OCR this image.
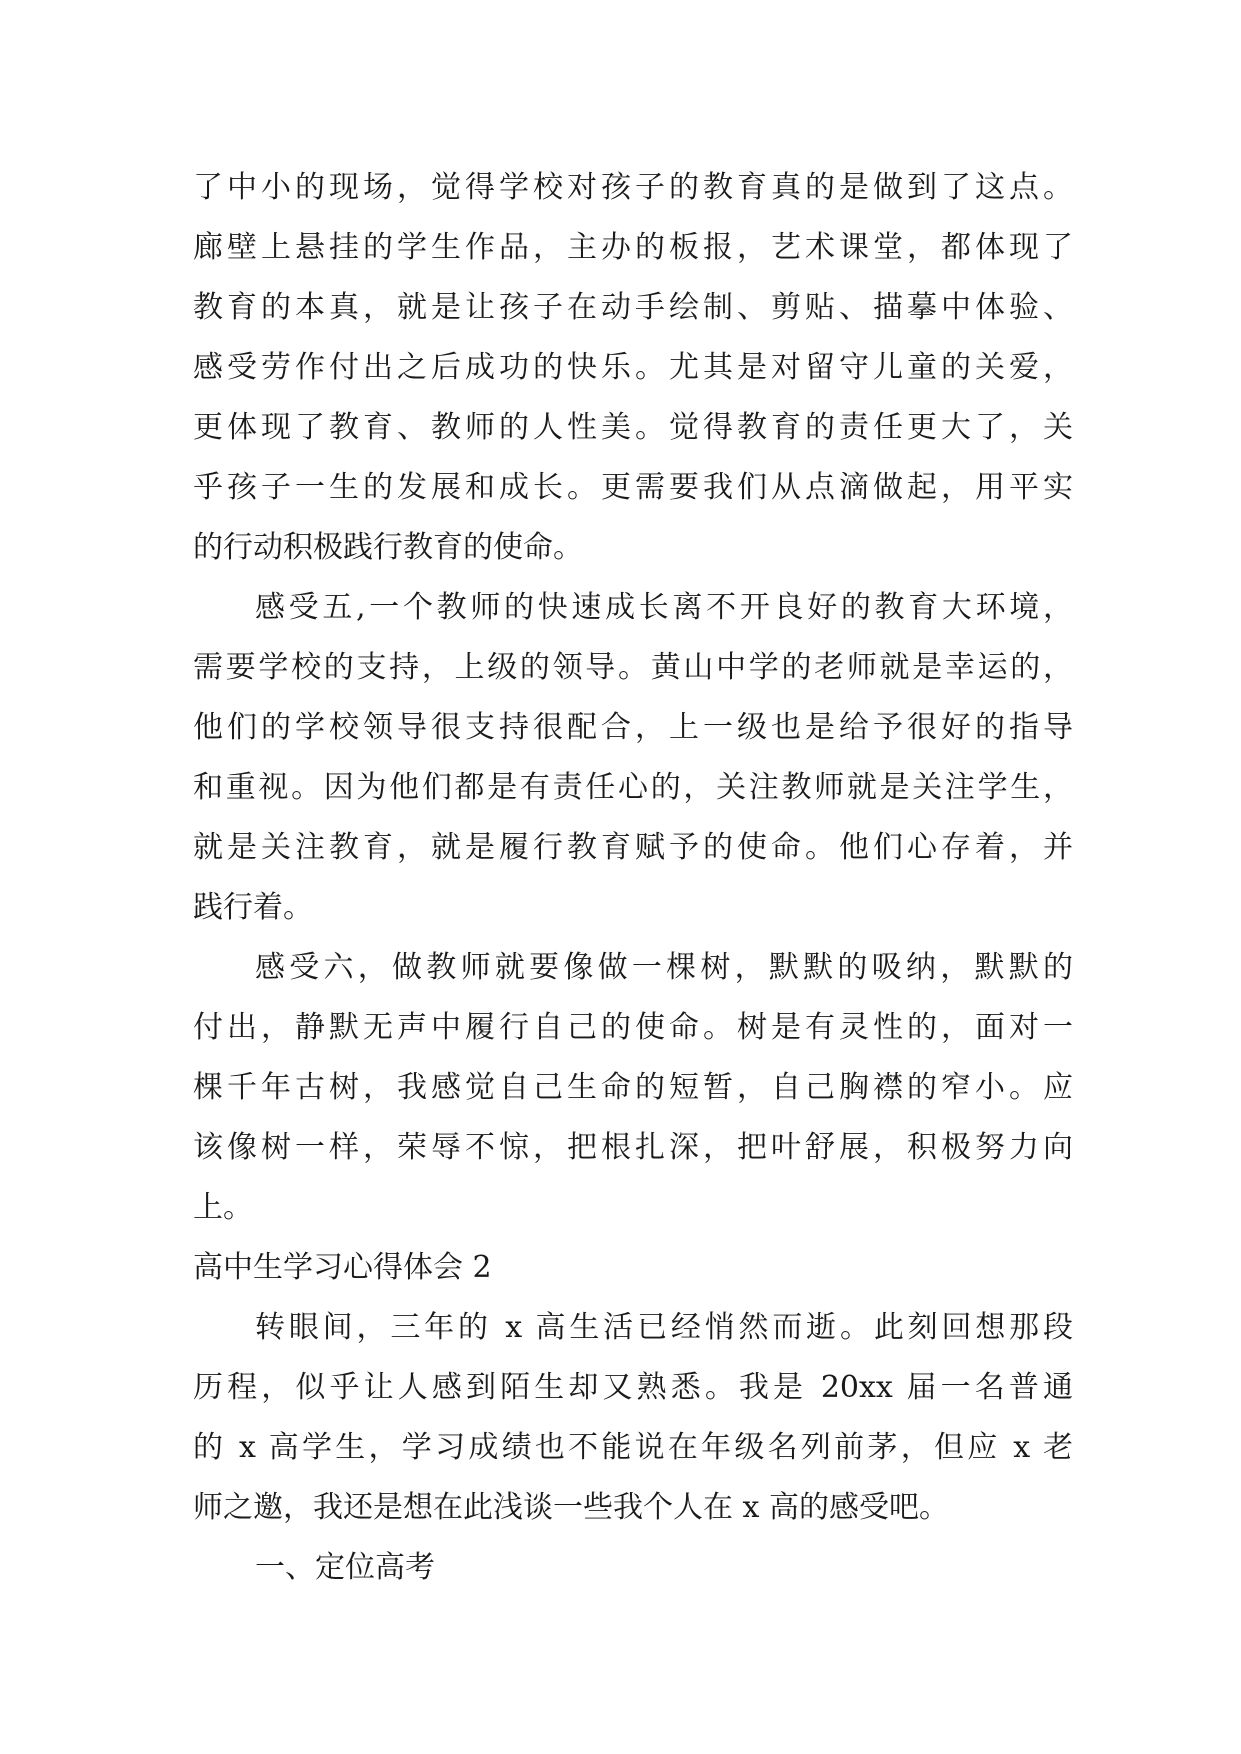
了中小的现场，觉得学校对孩子的教育真的是做到了这点。
廊壁上悬挂的学生作品，主办的板报，艺术课堂，都体现了
教育的本真，就是让孩子在动手绘制、剪贴、描摹中体验、
感受劳作付出之后成功的快乐。尤其是对留守儿童的关爱，
更体现了教育、教师的人性美。觉得教育的责任更大了，关
乎孩子一生的发展和成长。更需要我们从点滴做起，用平实
的行动积极践行教育的使命。
感受五,一个教师的快速成长离不开良好的教育大环境，
需要学校的支持，上级的领导。黄山中学的老师就是幸运的，
他们的学校领导很支持很配合，上一级也是给予很好的指导
和重视。因为他们都是有责任心的，关注教师就是关注学生，
就是关注教育，就是履行教育赋予的使命。他们心存着，并
践行着。
感受六，做教师就要像做一棵树，默默的吸纳，默默的
付出，静默无声中履行自己的使命。树是有灵性的，面对一
棵千年古树，我感觉自己生命的短暂，自己胸襟的窄小。应
该像树一样，荣辱不惊，把根扎深，把叶舒展，积极努力向
上。
高中生学习心得体会 2
转眼间，三年的 x 高生活已经悄然而逝。此刻回想那段
历程，似乎让人感到陌生却又熟悉。我是 20xx 届一名普通
的 x 高学生，学习成绩也不能说在年级名列前茅，但应 x 老
师之邀，我还是想在此浅谈一些我个人在 x 高的感受吧。
一、定位高考
